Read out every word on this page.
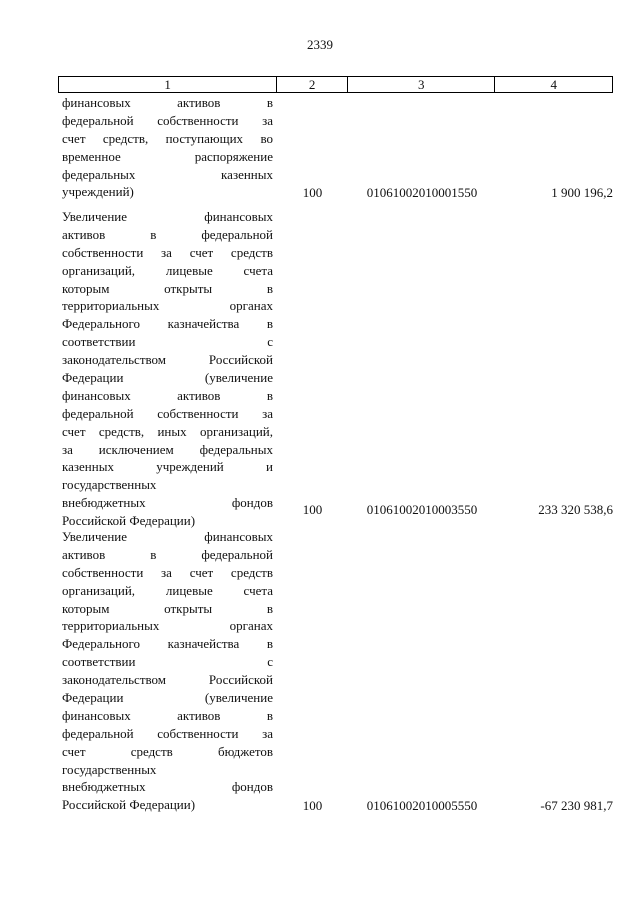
2339
1	2	3	4
финансовых активов в
федеральной собственности за
счет средств, поступающих во
временное распоряжение
федеральных казенных
учреждений)	100	01061002010001550	1 900 196,2
Увеличение финансовых
активов в федеральной
собственности за счет средств
организаций, лицевые счета
которым открыты в
территориальных органах
Федерального казначейства в
соответствии с
законодательством Российской
Федерации (увеличение
финансовых активов в
федеральной собственности за
счет средств, иных организаций,
за исключением федеральных
казенных учреждений и
государственных
внебюджетных фондов
Российской Федерации)
100	01061002010003550	233 320 538,6
Увеличение финансовых
активов в федеральной
собственности за счет средств
организаций, лицевые счета
которым открыты в
территориальных органах
Федерального казначейства в
соответствии с
законодательством Российской
Федерации (увеличение
финансовых активов в
федеральной собственности за
счет средств бюджетов
государственных
внебюджетных фондов
Российской Федерации)	100	01061002010005550	-67 230 981,7
